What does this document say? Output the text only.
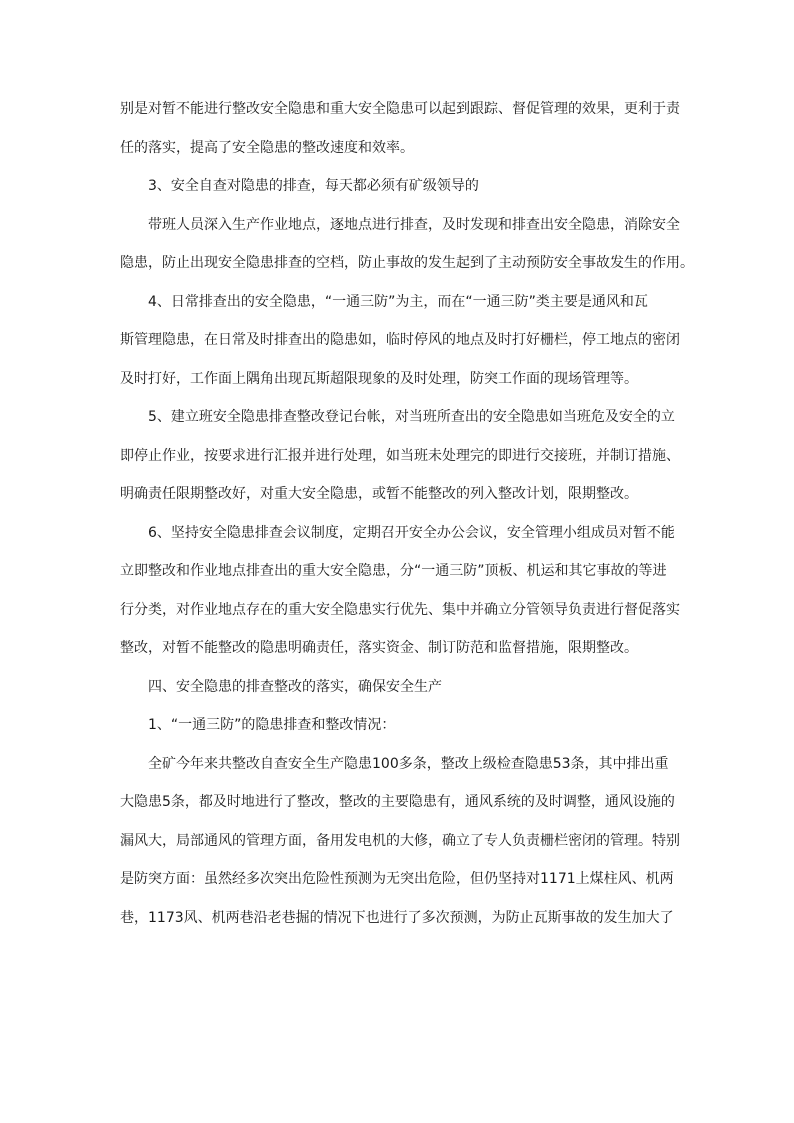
别是对暂不能进行整改安全隐患和重大安全隐患可以起到跟踪、督促管理的效果，更利于责
任的落实，提高了安全隐患的整改速度和效率。
3、安全自查对隐患的排查，每天都必须有矿级领导的
带班人员深入生产作业地点，逐地点进行排查，及时发现和排查出安全隐患，消除安全
隐患，防止出现安全隐患排查的空档，防止事故的发生起到了主动预防安全事故发生的作用。
4、日常排查出的安全隐患，“一通三防”为主，而在“一通三防”类主要是通风和瓦
斯管理隐患，在日常及时排查出的隐患如，临时停风的地点及时打好栅栏，停工地点的密闭
及时打好，工作面上隅角出现瓦斯超限现象的及时处理，防突工作面的现场管理等。
5、建立班安全隐患排查整改登记台帐，对当班所查出的安全隐患如当班危及安全的立
即停止作业，按要求进行汇报并进行处理，如当班未处理完的即进行交接班，并制订措施、
明确责任限期整改好，对重大安全隐患，或暂不能整改的列入整改计划，限期整改。
6、坚持安全隐患排查会议制度，定期召开安全办公会议，安全管理小组成员对暂不能
立即整改和作业地点排查出的重大安全隐患，分“一通三防”顶板、机运和其它事故的等进
行分类，对作业地点存在的重大安全隐患实行优先、集中并确立分管领导负责进行督促落实
整改，对暂不能整改的隐患明确责任，落实资金、制订防范和监督措施，限期整改。
四、安全隐患的排查整改的落实，确保安全生产
1、“一通三防”的隐患排查和整改情况：
全矿今年来共整改自查安全生产隐患100多条，整改上级检查隐患53条，其中排出重
大隐患5条，都及时地进行了整改，整改的主要隐患有，通风系统的及时调整，通风设施的
漏风大，局部通风的管理方面，备用发电机的大修，确立了专人负责栅栏密闭的管理。特别
是防突方面：虽然经多次突出危险性预测为无突出危险，但仍坚持对1171上煤柱风、机两
巷，1173风、机两巷沿老巷掘的情况下也进行了多次预测，为防止瓦斯事故的发生加大了
